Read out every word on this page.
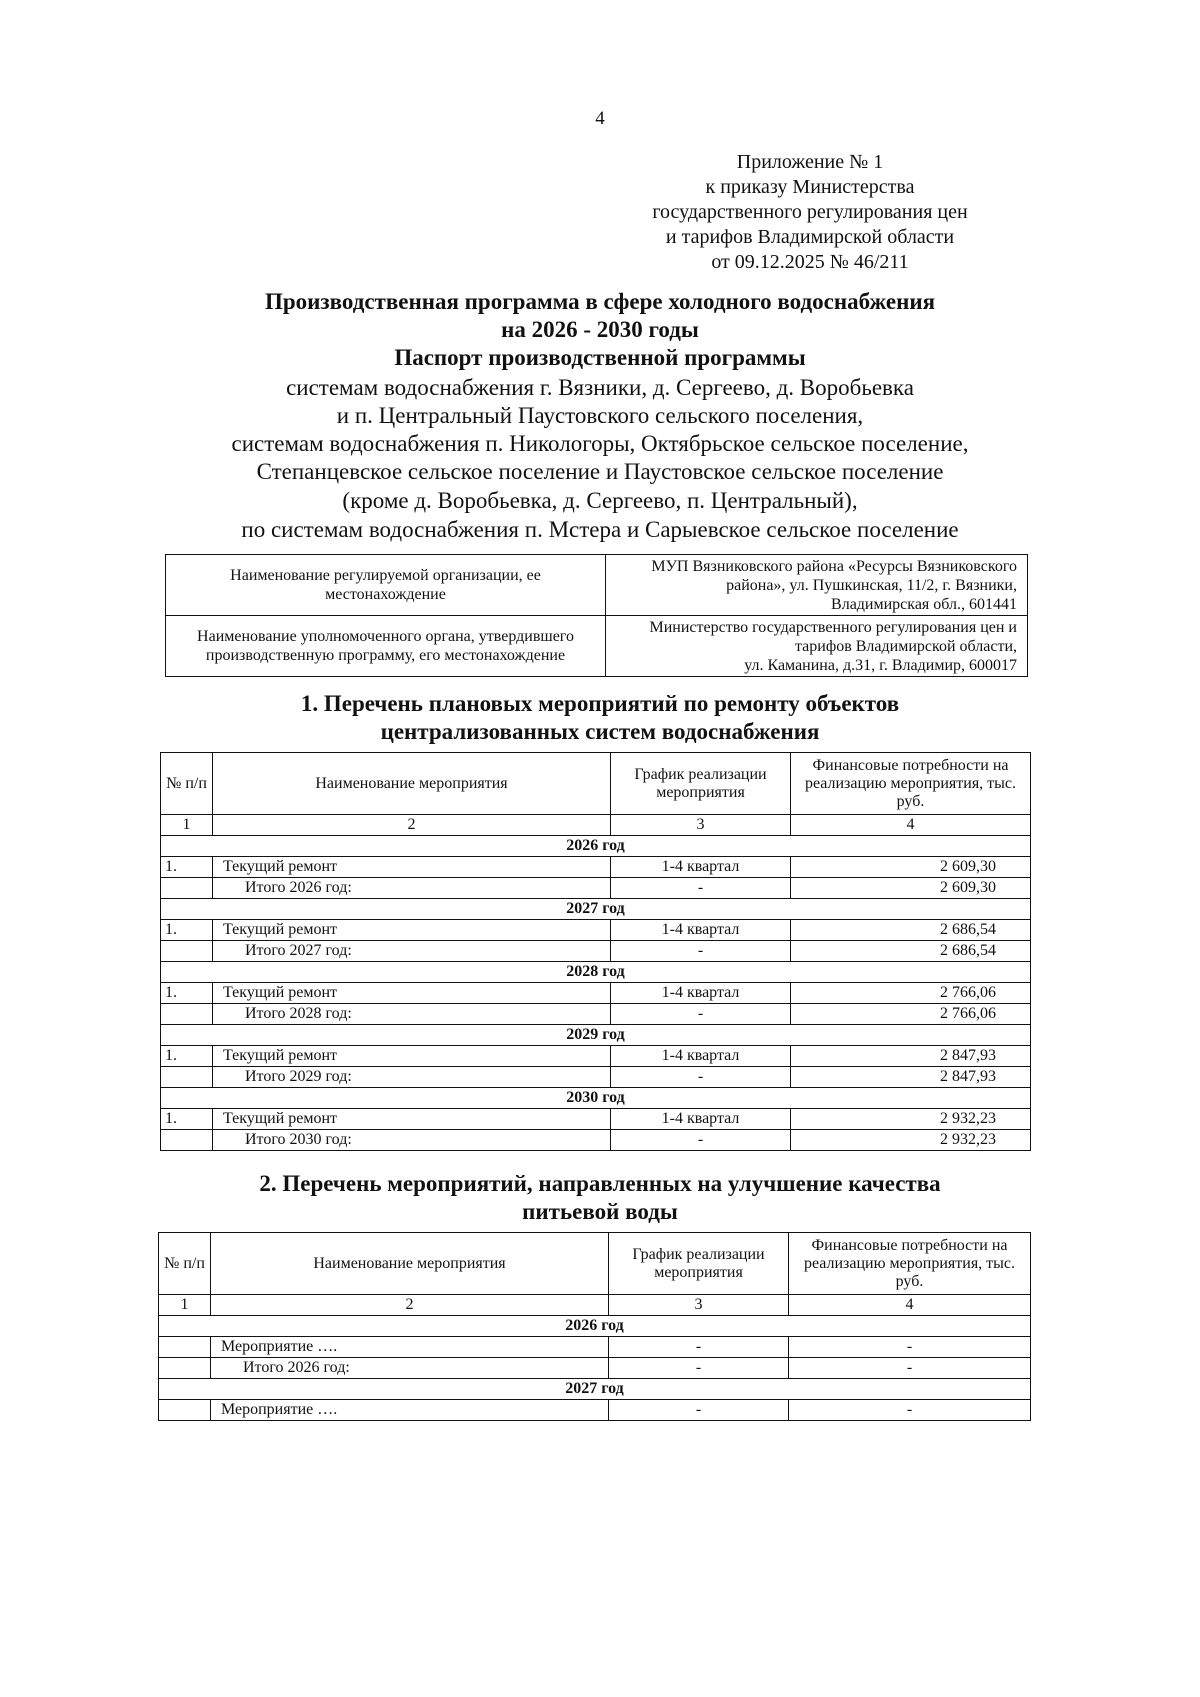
4
Приложение № 1
к приказу Министерства
государственного регулирования цен
и тарифов Владимирской области
от 09.12.2025 № 46/211
Производственная программа в сфере холодного водоснабжения
на 2026 - 2030 годы
Паспорт производственной программы
системам водоснабжения г. Вязники, д. Сергеево, д. Воробьевка
и п. Центральный Паустовского сельского поселения,
системам водоснабжения п. Никологоры, Октябрьское сельское поселение,
Степанцевское сельское поселение и Паустовское сельское поселение
(кроме д. Воробьевка, д. Сергеево, п. Центральный),
по системам водоснабжения п. Мстера и Сарыевское сельское поселение
Наименование регулируемой организации, ее местонахождение	МУП Вязниковского района «Ресурсы Вязниковского
района», ул. Пушкинская, 11/2, г. Вязники,
Владимирская обл., 601441

Наименование уполномоченного органа, утвердившего производственную программу, его местонахождение	Министерство государственного регулирования цен и
тарифов Владимирской области,
ул. Каманина, д.31, г. Владимир, 600017
1. Перечень плановых мероприятий по ремонту объектов
централизованных систем водоснабжения
№ п/п	Наименование мероприятия	График реализации мероприятия	Финансовые потребности на реализацию мероприятия, тыс. руб.
1	2	3	4
2026 год			
1.	Текущий ремонт	1-4 квартал	2 609,30
	Итого 2026 год:	-	2 609,30
2027 год			
1.	Текущий ремонт	1-4 квартал	2 686,54
	Итого 2027 год:	-	2 686,54
2028 год			
1.	Текущий ремонт	1-4 квартал	2 766,06
	Итого 2028 год:	-	2 766,06
2029 год			
1.	Текущий ремонт	1-4 квартал	2 847,93
	Итого 2029 год:	-	2 847,93
2030 год			
1.	Текущий ремонт	1-4 квартал	2 932,23
	Итого 2030 год:	-	2 932,23
2. Перечень мероприятий, направленных на улучшение качества
питьевой воды
№ п/п	Наименование мероприятия	График реализации мероприятия	Финансовые потребности на реализацию мероприятия, тыс. руб.
1	2	3	4
2026 год			
	Мероприятие ….	-	-
	Итого 2026 год:	-	-
2027 год			
	Мероприятие ….	-	-
